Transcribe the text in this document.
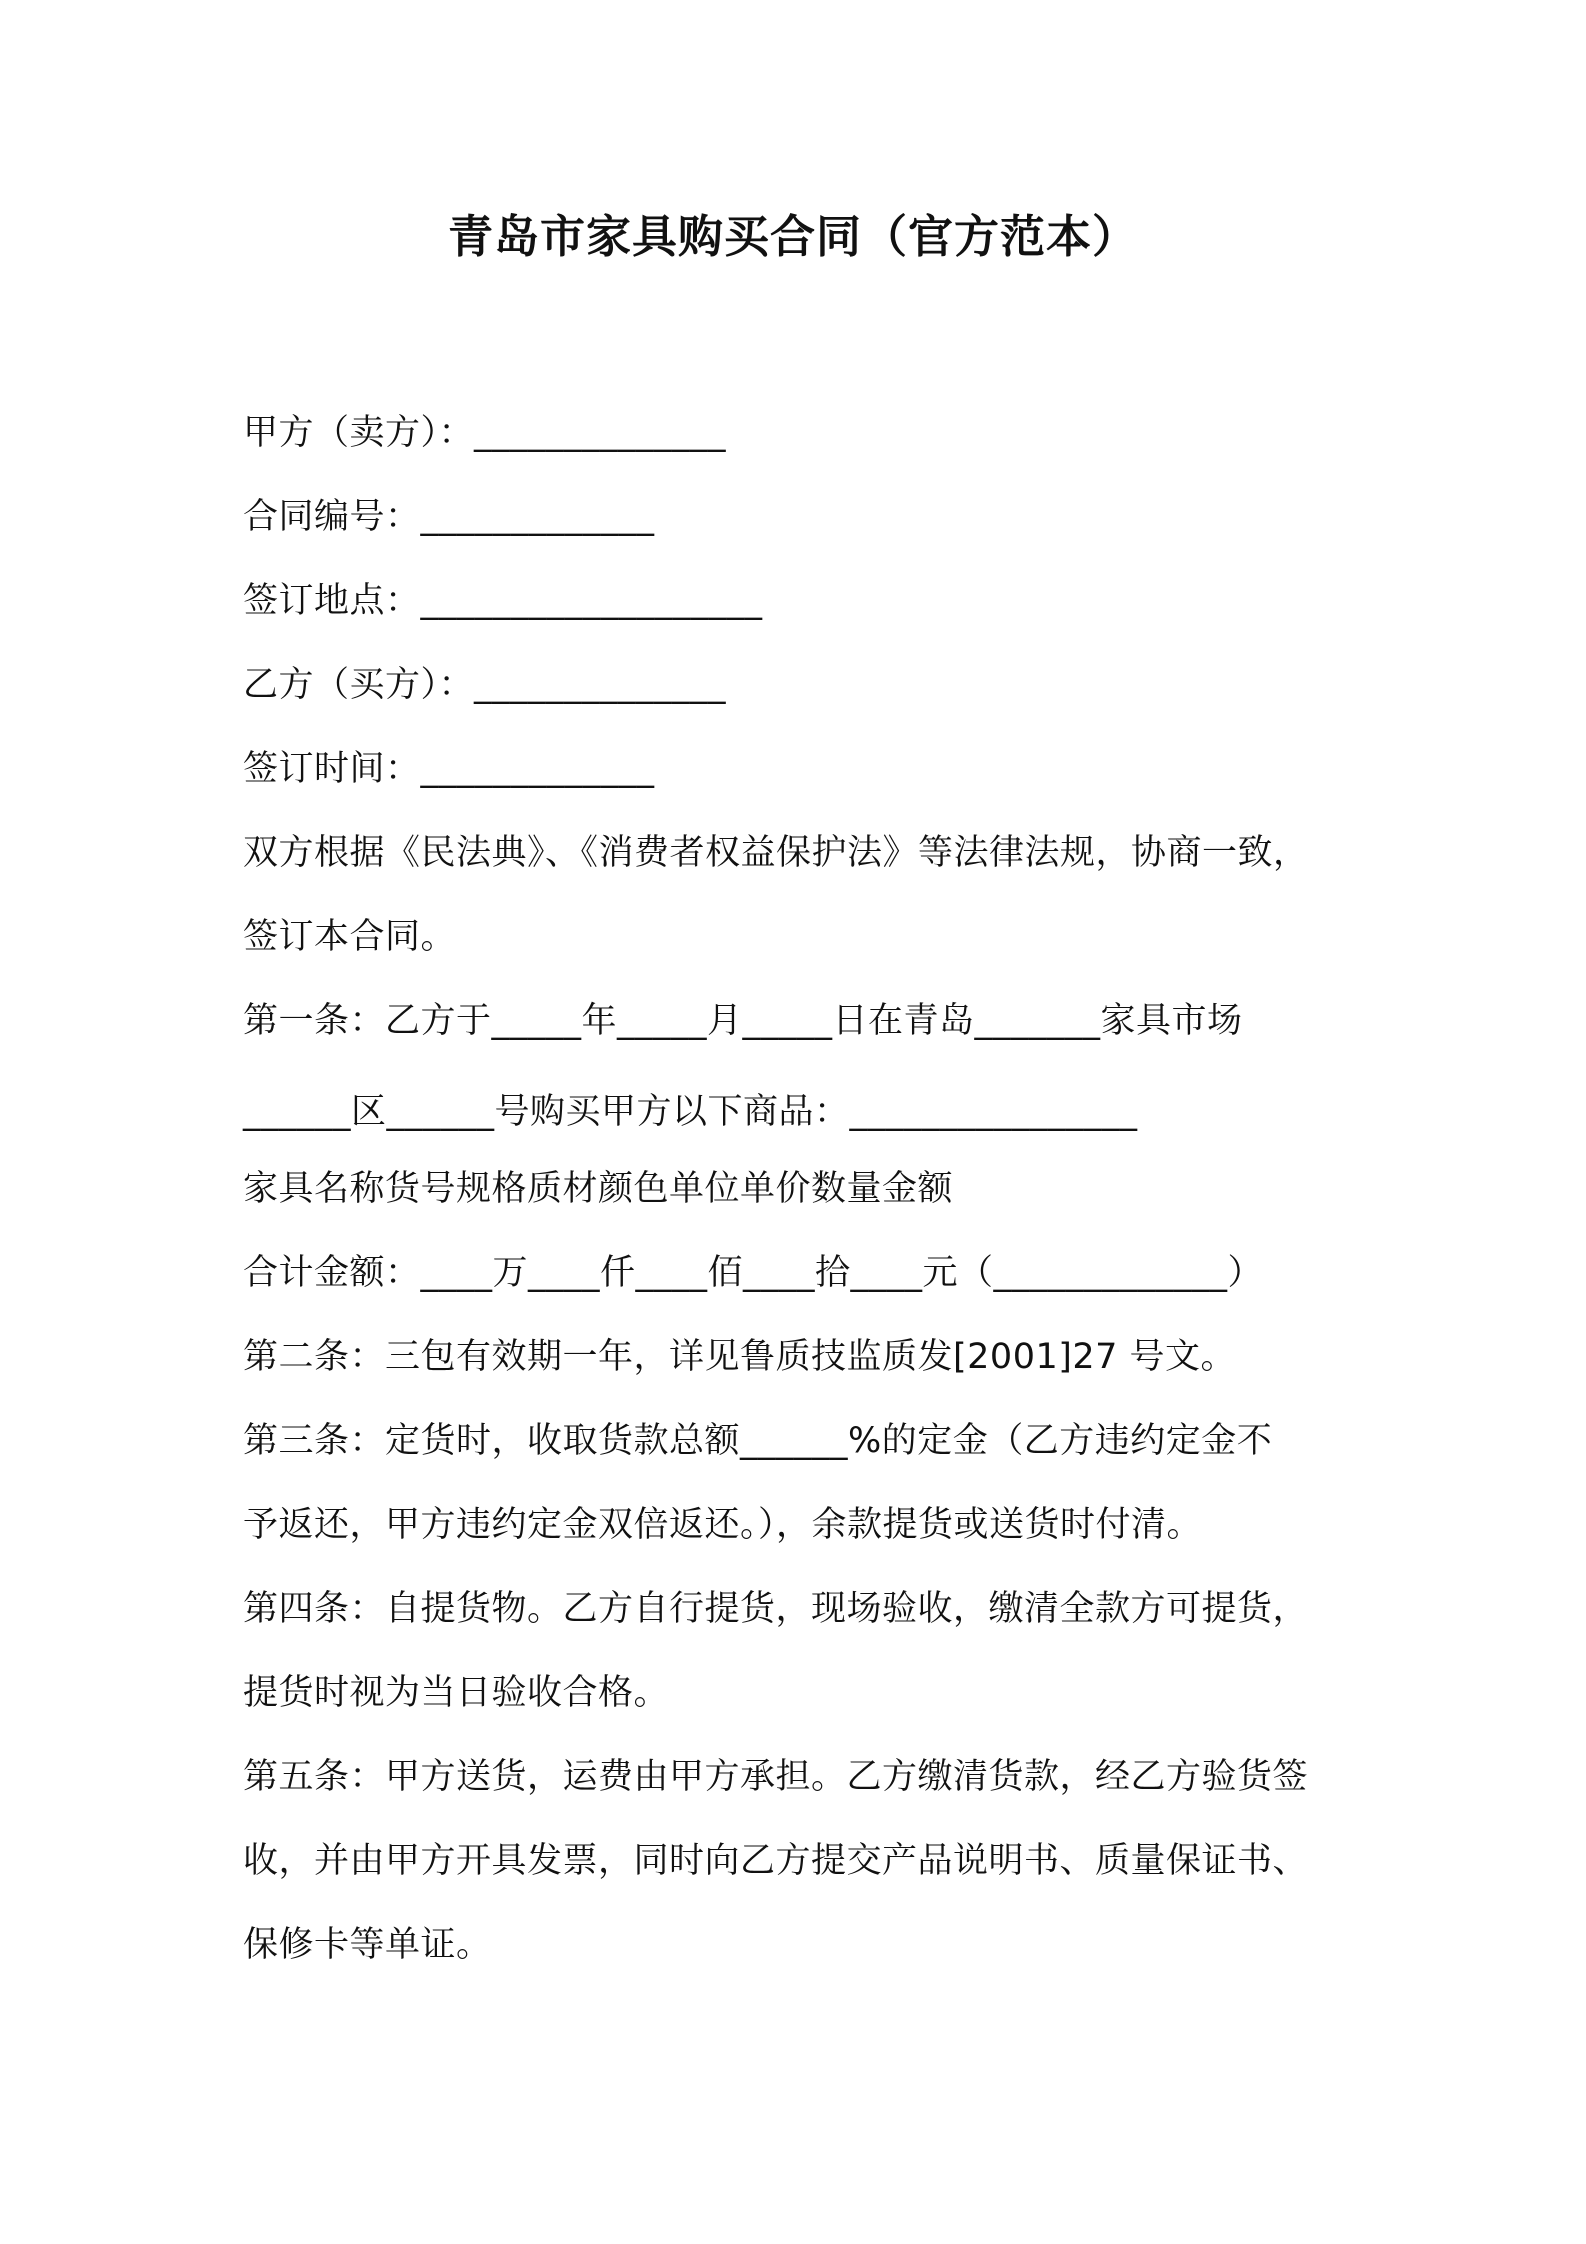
青岛市家具购买合同（官方范本）
甲方（卖方）：______________
合同编号：_____________
签订地点：___________________
乙方（买方）：______________
签订时间：_____________
双方根据《民法典》、《消费者权益保护法》等法律法规，协商一致，
签订本合同。
第一条：乙方于_____年_____月_____日在青岛_______家具市场
______区______号购买甲方以下商品：________________
家具名称货号规格质材颜色单位单价数量金额
合计金额：____万____仟____佰____拾____元（_____________）
第二条：三包有效期一年，详见鲁质技监质发[2001]27 号文。
第三条：定货时，收取货款总额______%的定金（乙方违约定金不
予返还，甲方违约定金双倍返还。），余款提货或送货时付清。
第四条：自提货物。乙方自行提货，现场验收，缴清全款方可提货，
提货时视为当日验收合格。
第五条：甲方送货，运费由甲方承担。乙方缴清货款，经乙方验货签
收，并由甲方开具发票，同时向乙方提交产品说明书、质量保证书、
保修卡等单证。
